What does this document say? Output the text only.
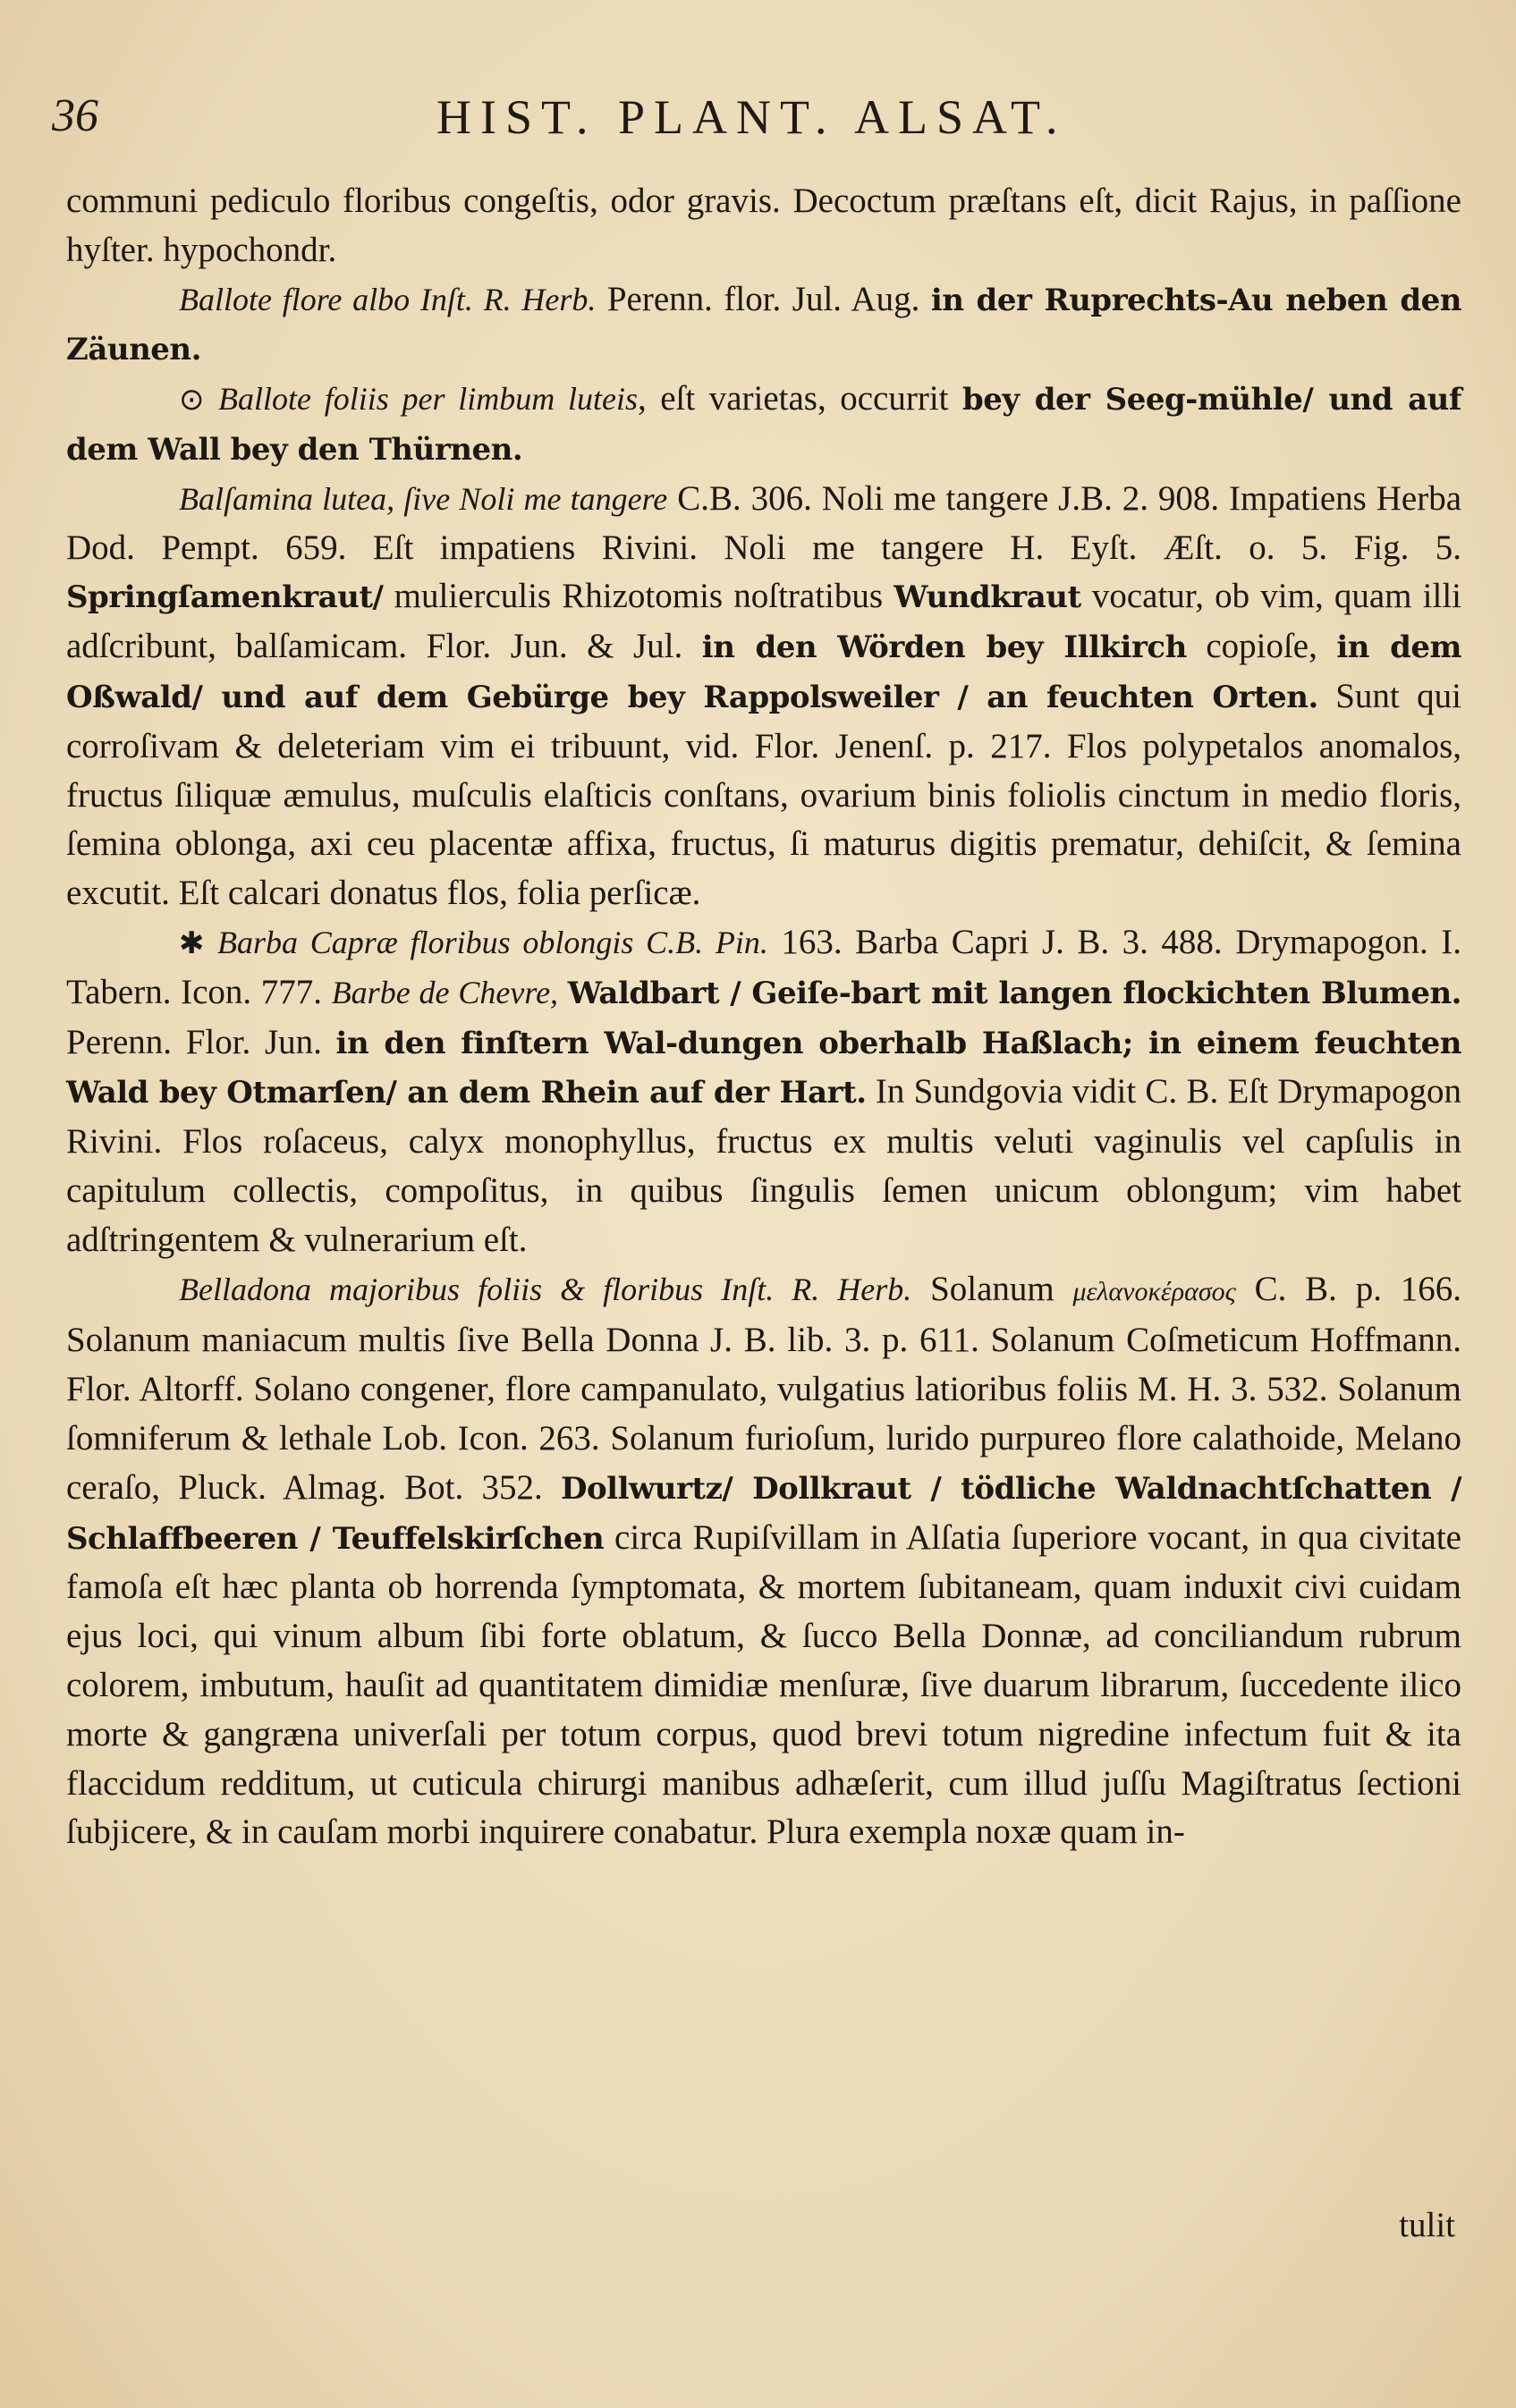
36	HIST. PLANT. ALSAT.

communi pediculo floribus congeſtis, odor gravis. Decoctum præſtans eſt, dicit Rajus, in paſſione hyſter. hypochondr.

Ballote flore albo Inſt. R. Herb. Perenn. flor. Jul. Aug. in der Ruprechts-Au neben den Zäunen.

⊙ Ballote foliis per limbum luteis, eſt varietas, occurrit bey der Seeg-mühle/ und auf dem Wall bey den Thürnen.

Balſamina lutea, ſive Noli me tangere C.B. 306. Noli me tangere J.B. 2. 908. Impatiens Herba Dod. Pempt. 659. Eſt impatiens Rivini. Noli me tangere H. Eyſt. Æſt. o. 5. Fig. 5. Springſamenkraut/ mulierculis Rhizotomis noſtratibus Wundkraut vocatur, ob vim, quam illi adſcribunt, balſamicam. Flor. Jun. & Jul. in den Wörden bey Illkirch copioſe, in dem Oßwald/ und auf dem Gebürge bey Rappolsweiler / an feuchten Orten. Sunt qui corroſivam & deleteriam vim ei tribuunt, vid. Flor. Jenenſ. p. 217. Flos polypetalos anomalos, fructus ſiliquæ æmulus, muſculis elaſticis conſtans, ovarium binis foliolis cinctum in medio floris, ſemina oblonga, axi ceu placentæ affixa, fructus, ſi maturus digitis prematur, dehiſcit, & ſemina excutit. Eſt calcari donatus flos, folia perſicæ.

✱ Barba Capræ floribus oblongis C.B. Pin. 163. Barba Capri J. B. 3. 488. Drymapogon. I. Tabern. Icon. 777. Barbe de Chevre, Waldbart / Geiſe-bart mit langen flockichten Blumen. Perenn. Flor. Jun. in den finſtern Wal-dungen oberhalb Haßlach; in einem feuchten Wald bey Otmarſen/ an dem Rhein auf der Hart. In Sundgovia vidit C. B. Eſt Drymapogon Rivini. Flos roſaceus, calyx monophyllus, fructus ex multis veluti vaginulis vel capſulis in capitulum collectis, compoſitus, in quibus ſingulis ſemen unicum oblongum; vim habet adſtringentem & vulnerarium eſt.

Belladona majoribus foliis & floribus Inſt. R. Herb. Solanum μελανοκέρασος C. B. p. 166. Solanum maniacum multis ſive Bella Donna J. B. lib. 3. p. 611. Solanum Coſmeticum Hoffmann. Flor. Altorff. Solano congener, flore campanulato, vulgatius latioribus foliis M. H. 3. 532. Solanum ſomniferum & lethale Lob. Icon. 263. Solanum furioſum, lurido purpureo flore calathoide, Melano ceraſo, Pluck. Almag. Bot. 352. Dollwurtz/ Dollkraut / tödliche Waldnachtſchatten / Schlaffbeeren / Teuffelskirſchen circa Rupiſvillam in Alſatia ſuperiore vocant, in qua civitate famoſa eſt hæc planta ob horrenda ſymptomata, & mortem ſubitaneam, quam induxit civi cuidam ejus loci, qui vinum album ſibi forte oblatum, & ſucco Bella Donnæ, ad conciliandum rubrum colorem, imbutum, hauſit ad quantitatem dimidiæ menſuræ, ſive duarum librarum, ſuccedente ilico morte & gangræna univerſali per totum corpus, quod brevi totum nigredine infectum fuit & ita flaccidum redditum, ut cuticula chirurgi manibus adhæſerit, cum illud juſſu Magiſtratus ſectioni ſubjicere, & in cauſam morbi inquirere conabatur. Plura exempla noxæ quam in-

tulit
